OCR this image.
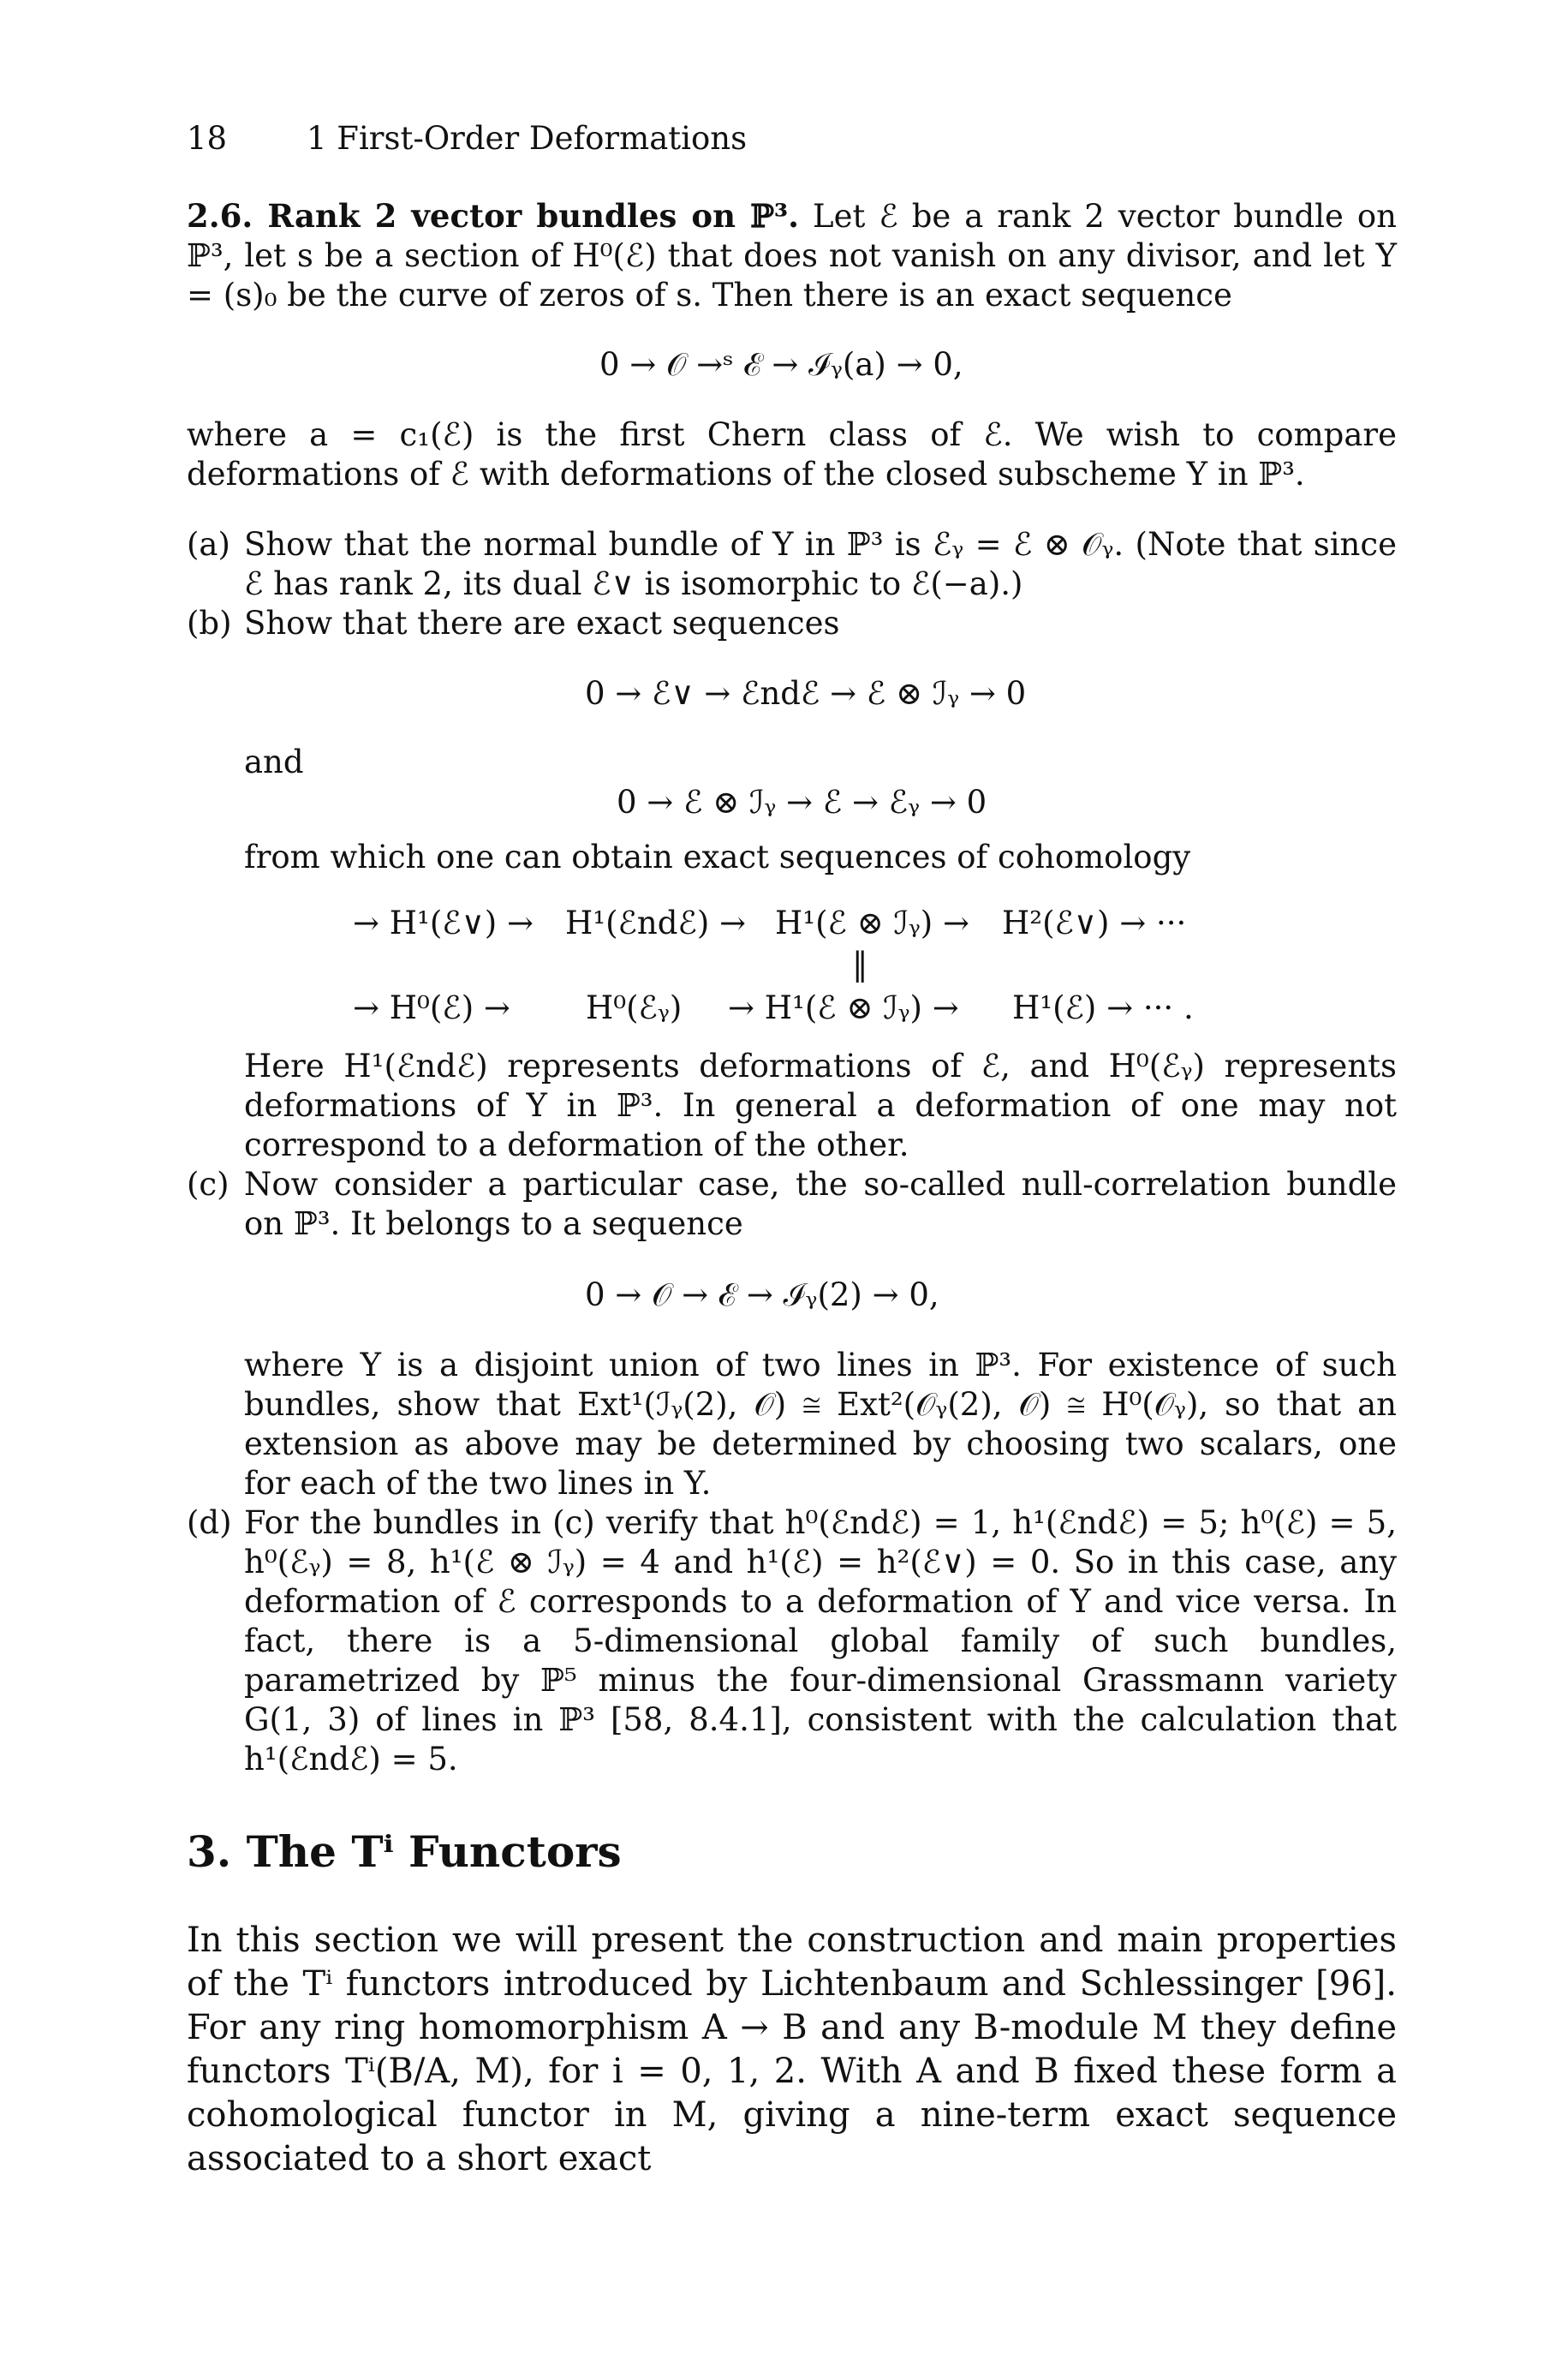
18	1 First-Order Deformations
2.6. Rank 2 vector bundles on ℙ³. Let ℰ be a rank 2 vector bundle on ℙ³, let s be a section of H⁰(ℰ) that does not vanish on any divisor, and let Y = (s)₀ be the curve of zeros of s. Then there is an exact sequence
0 → 𝒪 →ˢ ℰ → ℐᵧ(a) → 0,
where a = c₁(ℰ) is the first Chern class of ℰ. We wish to compare deformations of ℰ with deformations of the closed subscheme Y in ℙ³.
(a) Show that the normal bundle of Y in ℙ³ is ℰᵧ = ℰ ⊗ 𝒪ᵧ. (Note that since ℰ has rank 2, its dual ℰ∨ is isomorphic to ℰ(−a).)
(b) Show that there are exact sequences
0 → ℰ∨ → ℰndℰ → ℰ ⊗ ℐᵧ → 0
and
0 → ℰ ⊗ ℐᵧ → ℰ → ℰᵧ → 0
from which one can obtain exact sequences of cohomology
→ H¹(ℰ∨) → H¹(ℰndℰ) → H¹(ℰ ⊗ ℐᵧ) → H²(ℰ∨) → ···
‖
→ H⁰(ℰ) → H⁰(ℰᵧ) → H¹(ℰ ⊗ ℐᵧ) → H¹(ℰ) → ··· .
Here H¹(ℰndℰ) represents deformations of ℰ, and H⁰(ℰᵧ) represents deformations of Y in ℙ³. In general a deformation of one may not correspond to a deformation of the other.
(c) Now consider a particular case, the so-called null-correlation bundle on ℙ³. It belongs to a sequence
0 → 𝒪 → ℰ → ℐᵧ(2) → 0,
where Y is a disjoint union of two lines in ℙ³. For existence of such bundles, show that Ext¹(ℐᵧ(2), 𝒪) ≅ Ext²(𝒪ᵧ(2), 𝒪) ≅ H⁰(𝒪ᵧ), so that an extension as above may be determined by choosing two scalars, one for each of the two lines in Y.
(d) For the bundles in (c) verify that h⁰(ℰndℰ) = 1, h¹(ℰndℰ) = 5; h⁰(ℰ) = 5, h⁰(ℰᵧ) = 8, h¹(ℰ ⊗ ℐᵧ) = 4 and h¹(ℰ) = h²(ℰ∨) = 0. So in this case, any deformation of ℰ corresponds to a deformation of Y and vice versa. In fact, there is a 5-dimensional global family of such bundles, parametrized by ℙ⁵ minus the four-dimensional Grassmann variety G(1, 3) of lines in ℙ³ [58, 8.4.1], consistent with the calculation that h¹(ℰndℰ) = 5.
3. The Tⁱ Functors
In this section we will present the construction and main properties of the Tⁱ functors introduced by Lichtenbaum and Schlessinger [96]. For any ring homomorphism A → B and any B-module M they define functors Tⁱ(B/A, M), for i = 0, 1, 2. With A and B fixed these form a cohomological functor in M, giving a nine-term exact sequence associated to a short exact
